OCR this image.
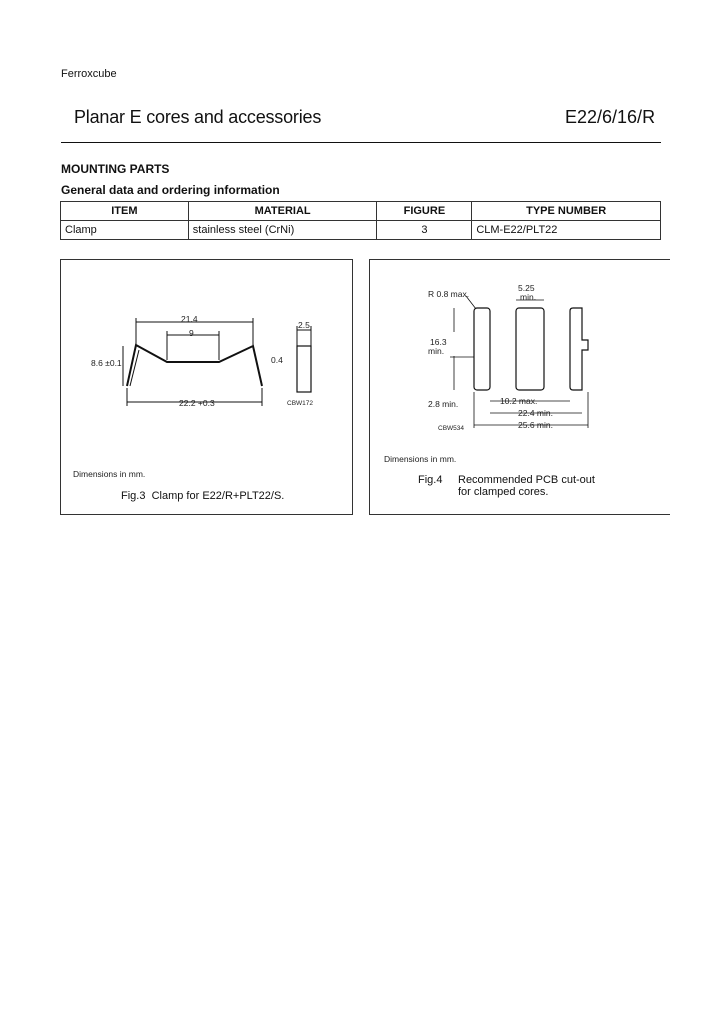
Ferroxcube
Planar E cores and accessories	E22/6/16/R
MOUNTING PARTS
General data and ordering information
ITEM	MATERIAL	FIGURE	TYPE NUMBER
Clamp	stainless steel (CrNi)	3	CLM-E22/PLT22
21.4
9
8.6 ±0.1
22.2 +0.3
2.5
0.4
CBW172
Dimensions in mm.
Fig.3 Clamp for E22/R+PLT22/S.
R 0.8 max.
5.25
min.
16.3
min.
2.8 min.	10.2 max.
22.4 min.
25.6 min.
CBW534
Dimensions in mm.
Fig.4 Recommended PCB cut-out
for clamped cores.
